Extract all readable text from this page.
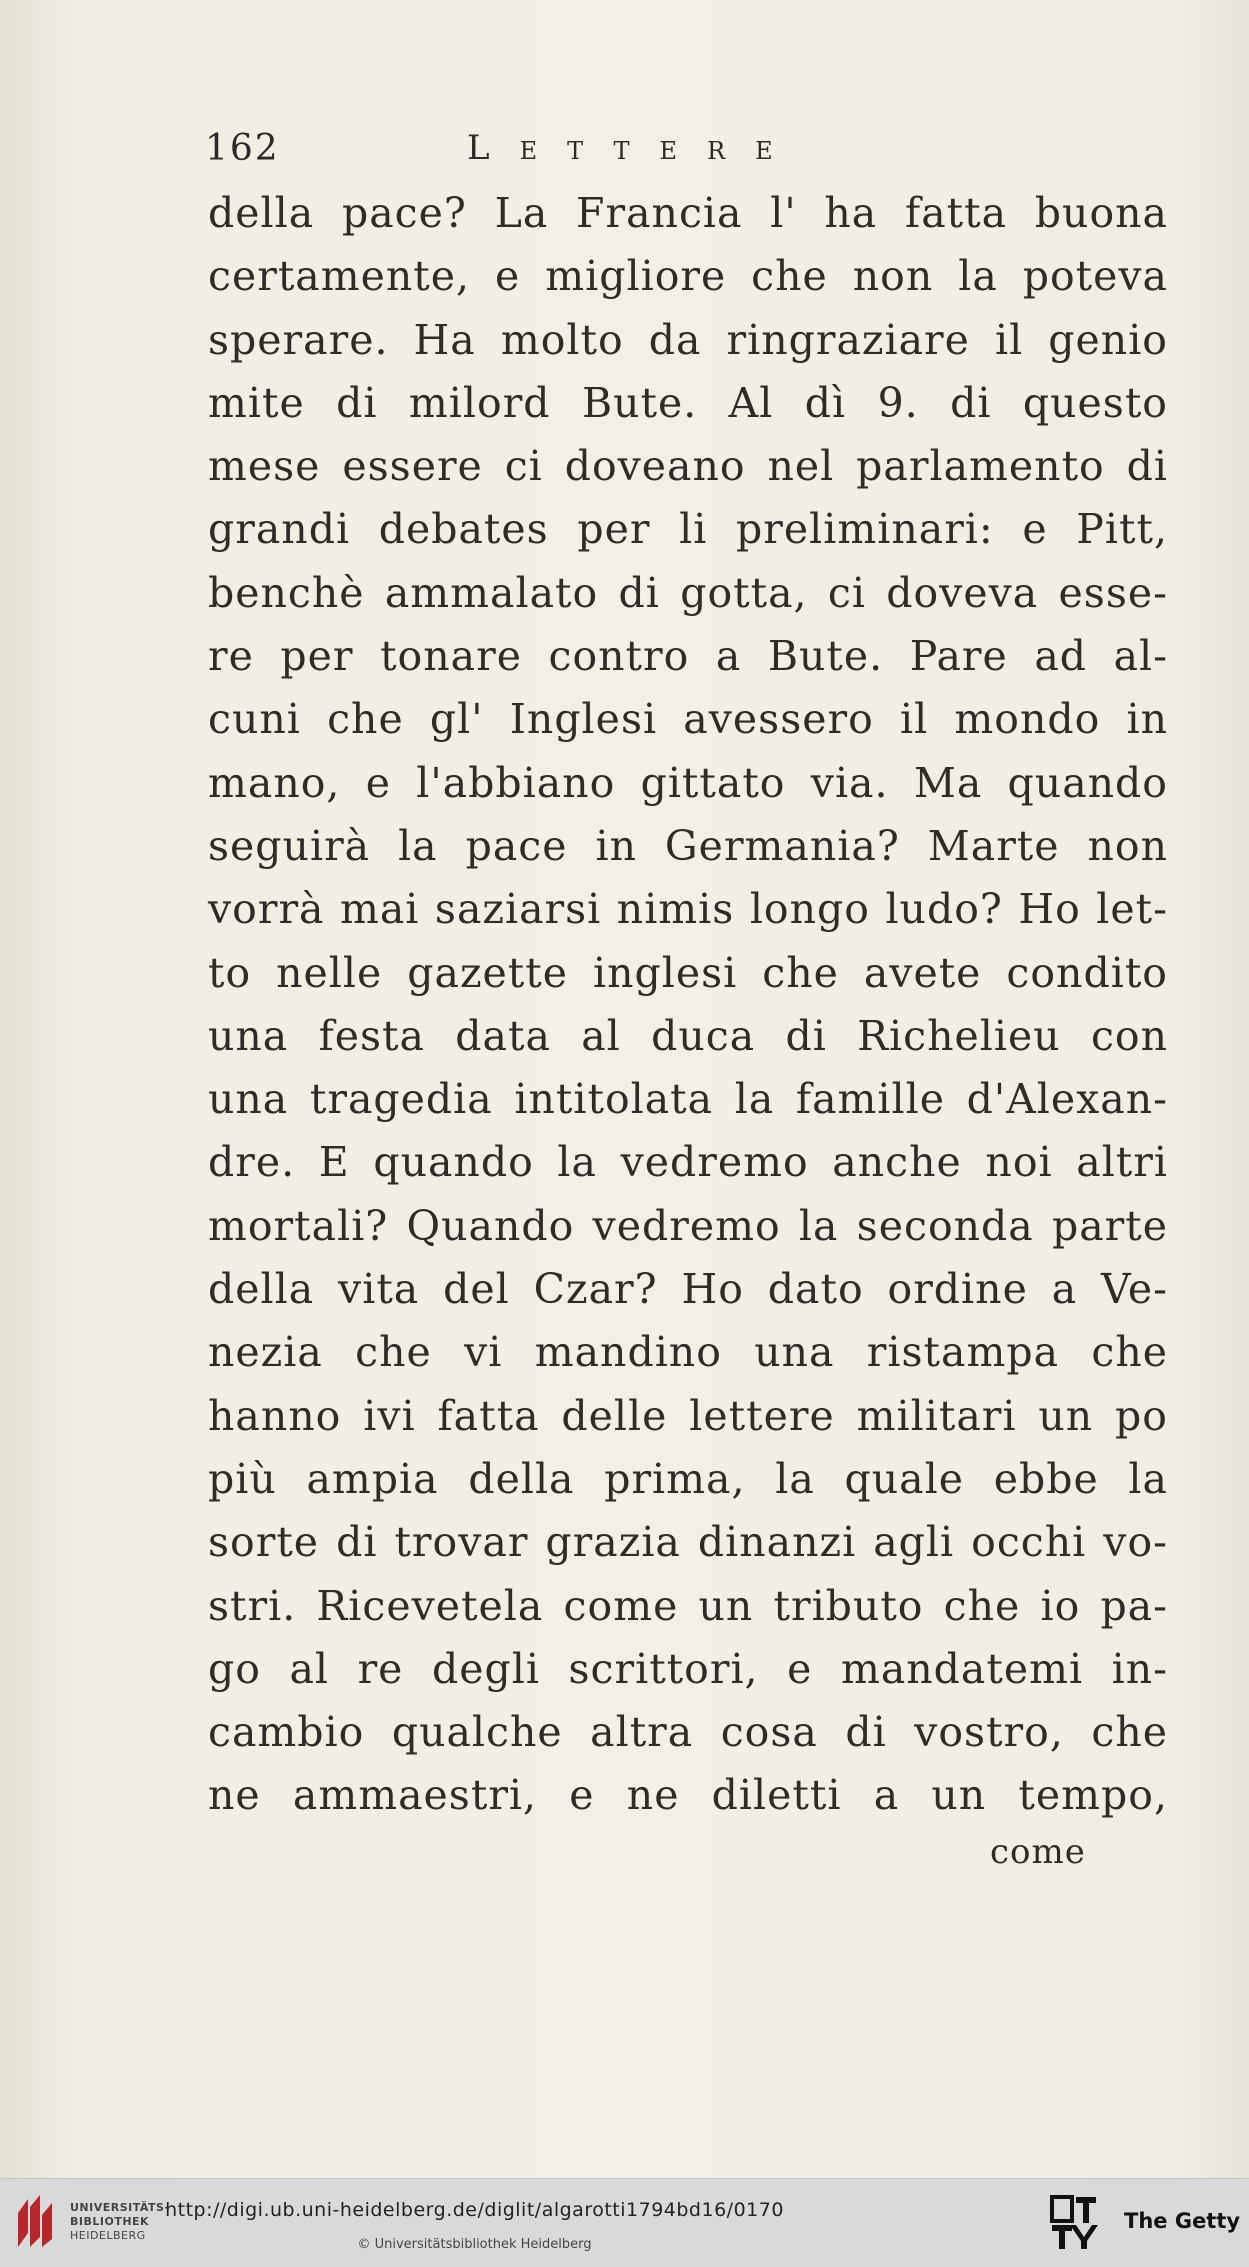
162	Lettere
della pace? La Francia l' ha fatta buona
certamente, e migliore che non la poteva
sperare. Ha molto da ringraziare il genio
mite di milord Bute. Al dì 9. di questo
mese essere ci doveano nel parlamento di
grandi debates per li preliminari: e Pitt,
benchè ammalato di gotta, ci doveva esse-
re per tonare contro a Bute. Pare ad al-
cuni che gl' Inglesi avessero il mondo in
mano, e l'abbiano gittato via. Ma quando
seguirà la pace in Germania? Marte non
vorrà mai saziarsi nimis longo ludo? Ho let-
to nelle gazette inglesi che avete condito
una festa data al duca di Richelieu con
una tragedia intitolata la famille d'Alexan-
dre. E quando la vedremo anche noi altri
mortali? Quando vedremo la seconda parte
della vita del Czar? Ho dato ordine a Ve-
nezia che vi mandino una ristampa che
hanno ivi fatta delle lettere militari un po
più ampia della prima, la quale ebbe la
sorte di trovar grazia dinanzi agli occhi vo-
stri. Ricevetela come un tributo che io pa-
go al re degli scrittori, e mandatemi in-
cambio qualche altra cosa di vostro, che
ne ammaestri, e ne diletti a un tempo,
come
UNIVERSITÄTS-
BIBLIOTHEK
HEIDELBERG
http://digi.ub.uni-heidelberg.de/diglit/algarotti1794bd16/0170
© Universitätsbibliothek Heidelberg
The Getty
